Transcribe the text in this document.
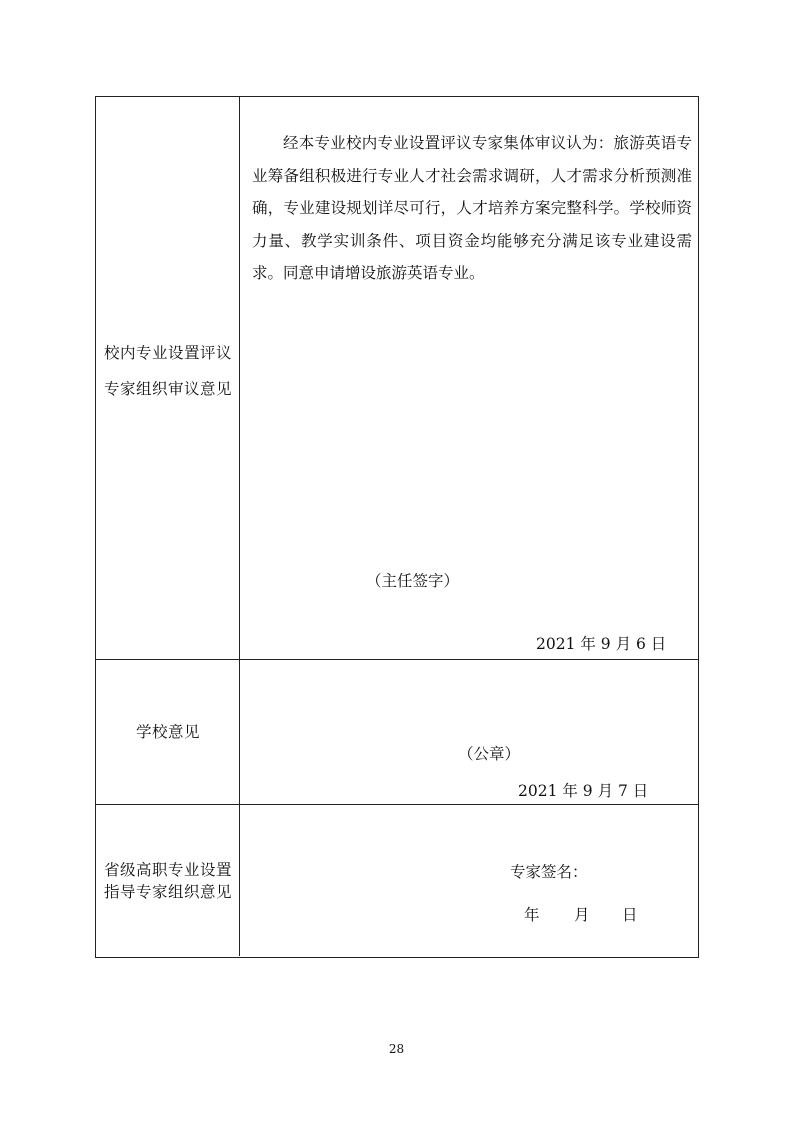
校内专业设置评议
专家组织审议意见
经本专业校内专业设置评议专家集体审议认为：旅游英语专业筹备组积极进行专业人才社会需求调研，人才需求分析预测准确，专业建设规划详尽可行，人才培养方案完整科学。学校师资力量、教学实训条件、项目资金均能够充分满足该专业建设需求。同意申请增设旅游英语专业。
（主任签字）
2021 年 9 月 6 日
学校意见
（公章）
2021 年 9 月 7 日
省级高职专业设置
指导专家组织意见
专家签名：
年 月 日
28
